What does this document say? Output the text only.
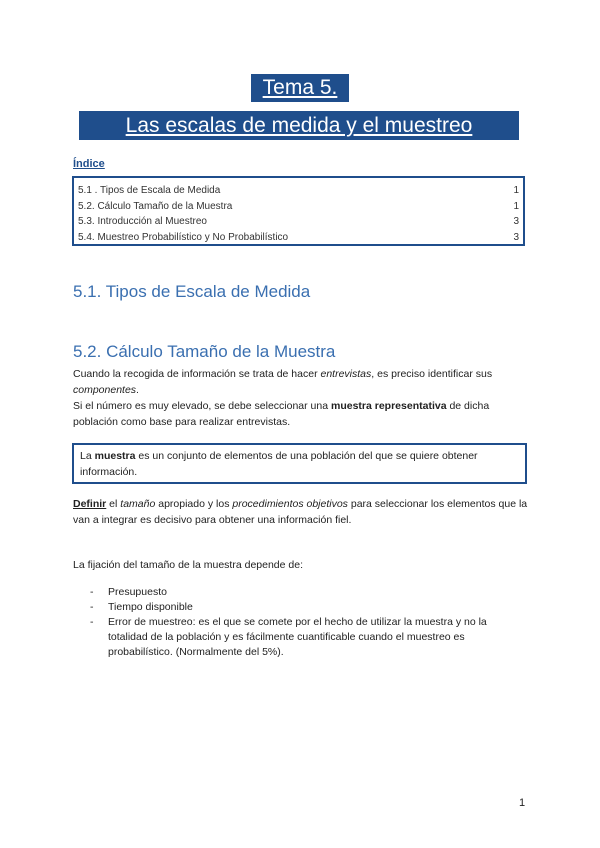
Tema 5.
Las escalas de medida y el muestreo
Índice
5.1 . Tipos de Escala de Medida	1
5.2. Cálculo Tamaño de la Muestra	1
5.3. Introducción al Muestreo	3
5.4. Muestreo Probabilístico y No Probabilístico	3
5.1. Tipos de Escala de Medida
5.2. Cálculo Tamaño de la Muestra
Cuando la recogida de información se trata de hacer entrevistas, es preciso identificar sus componentes.
Si el número es muy elevado, se debe seleccionar una muestra representativa de dicha población como base para realizar entrevistas.
La muestra es un conjunto de elementos de una población del que se quiere obtener información.
Definir el tamaño apropiado y los procedimientos objetivos para seleccionar los elementos que la van a integrar es decisivo para obtener una información fiel.
La fijación del tamaño de la muestra depende de:
-	Presupuesto
-	Tiempo disponible
-	Error de muestreo: es el que se comete por el hecho de utilizar la muestra y no la totalidad de la población y es fácilmente cuantificable cuando el muestreo es probabilístico. (Normalmente del 5%).
1
